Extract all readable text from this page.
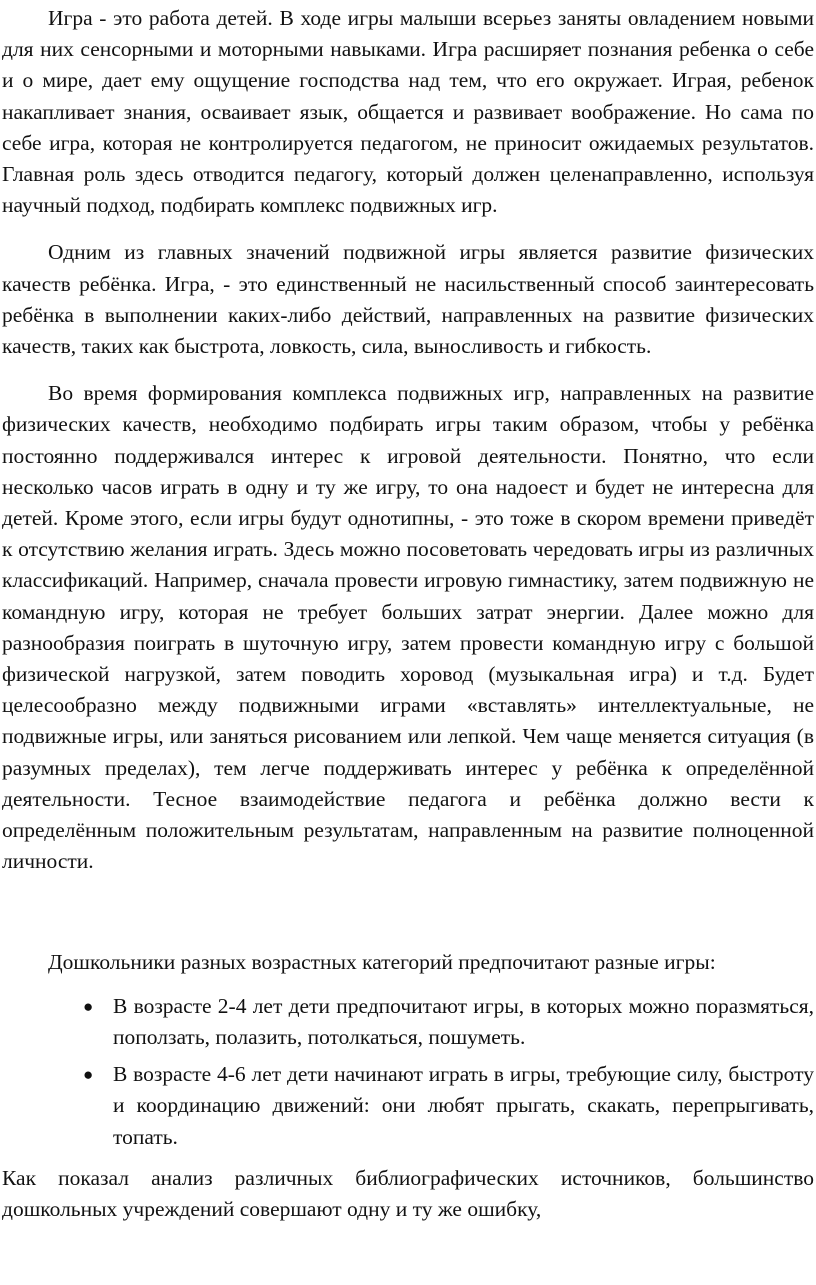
Игра - это работа детей. В ходе игры малыши всерьез заняты овладением новыми для них сенсорными и моторными навыками. Игра расширяет познания ребенка о себе и о мире, дает ему ощущение господства над тем, что его окружает. Играя, ребенок накапливает знания, осваивает язык, общается и развивает воображение. Но сама по себе игра, которая не контролируется педагогом, не приносит ожидаемых результатов. Главная роль здесь отводится педагогу, который должен целенаправленно, используя научный подход, подбирать комплекс подвижных игр.

Одним из главных значений подвижной игры является развитие физических качеств ребёнка. Игра, - это единственный не насильственный способ заинтересовать ребёнка в выполнении каких-либо действий, направленных на развитие физических качеств, таких как быстрота, ловкость, сила, выносливость и гибкость.

Во время формирования комплекса подвижных игр, направленных на развитие физических качеств, необходимо подбирать игры таким образом, чтобы у ребёнка постоянно поддерживался интерес к игровой деятельности. Понятно, что если несколько часов играть в одну и ту же игру, то она надоест и будет не интересна для детей. Кроме этого, если игры будут однотипны, - это тоже в скором времени приведёт к отсутствию желания играть. Здесь можно посоветовать чередовать игры из различных классификаций. Например, сначала провести игровую гимнастику, затем подвижную не командную игру, которая не требует больших затрат энергии. Далее можно для разнообразия поиграть в шуточную игру, затем провести командную игру с большой физической нагрузкой, затем поводить хоровод (музыкальная игра) и т.д. Будет целесообразно между подвижными играми «вставлять» интеллектуальные, не подвижные игры, или заняться рисованием или лепкой. Чем чаще меняется ситуация (в разумных пределах), тем легче поддерживать интерес у ребёнка к определённой деятельности. Тесное взаимодействие педагога и ребёнка должно вести к определённым положительным результатам, направленным на развитие полноценной личности.

Дошкольники разных возрастных категорий предпочитают разные игры:

● В возрасте 2-4 лет дети предпочитают игры, в которых можно поразмяться, поползать, полазить, потолкаться, пошуметь.
● В возрасте 4-6 лет дети начинают играть в игры, требующие силу, быстроту и координацию движений: они любят прыгать, скакать, перепрыгивать, топать.

Как показал анализ различных библиографических источников, большинство дошкольных учреждений совершают одну и ту же ошибку,
